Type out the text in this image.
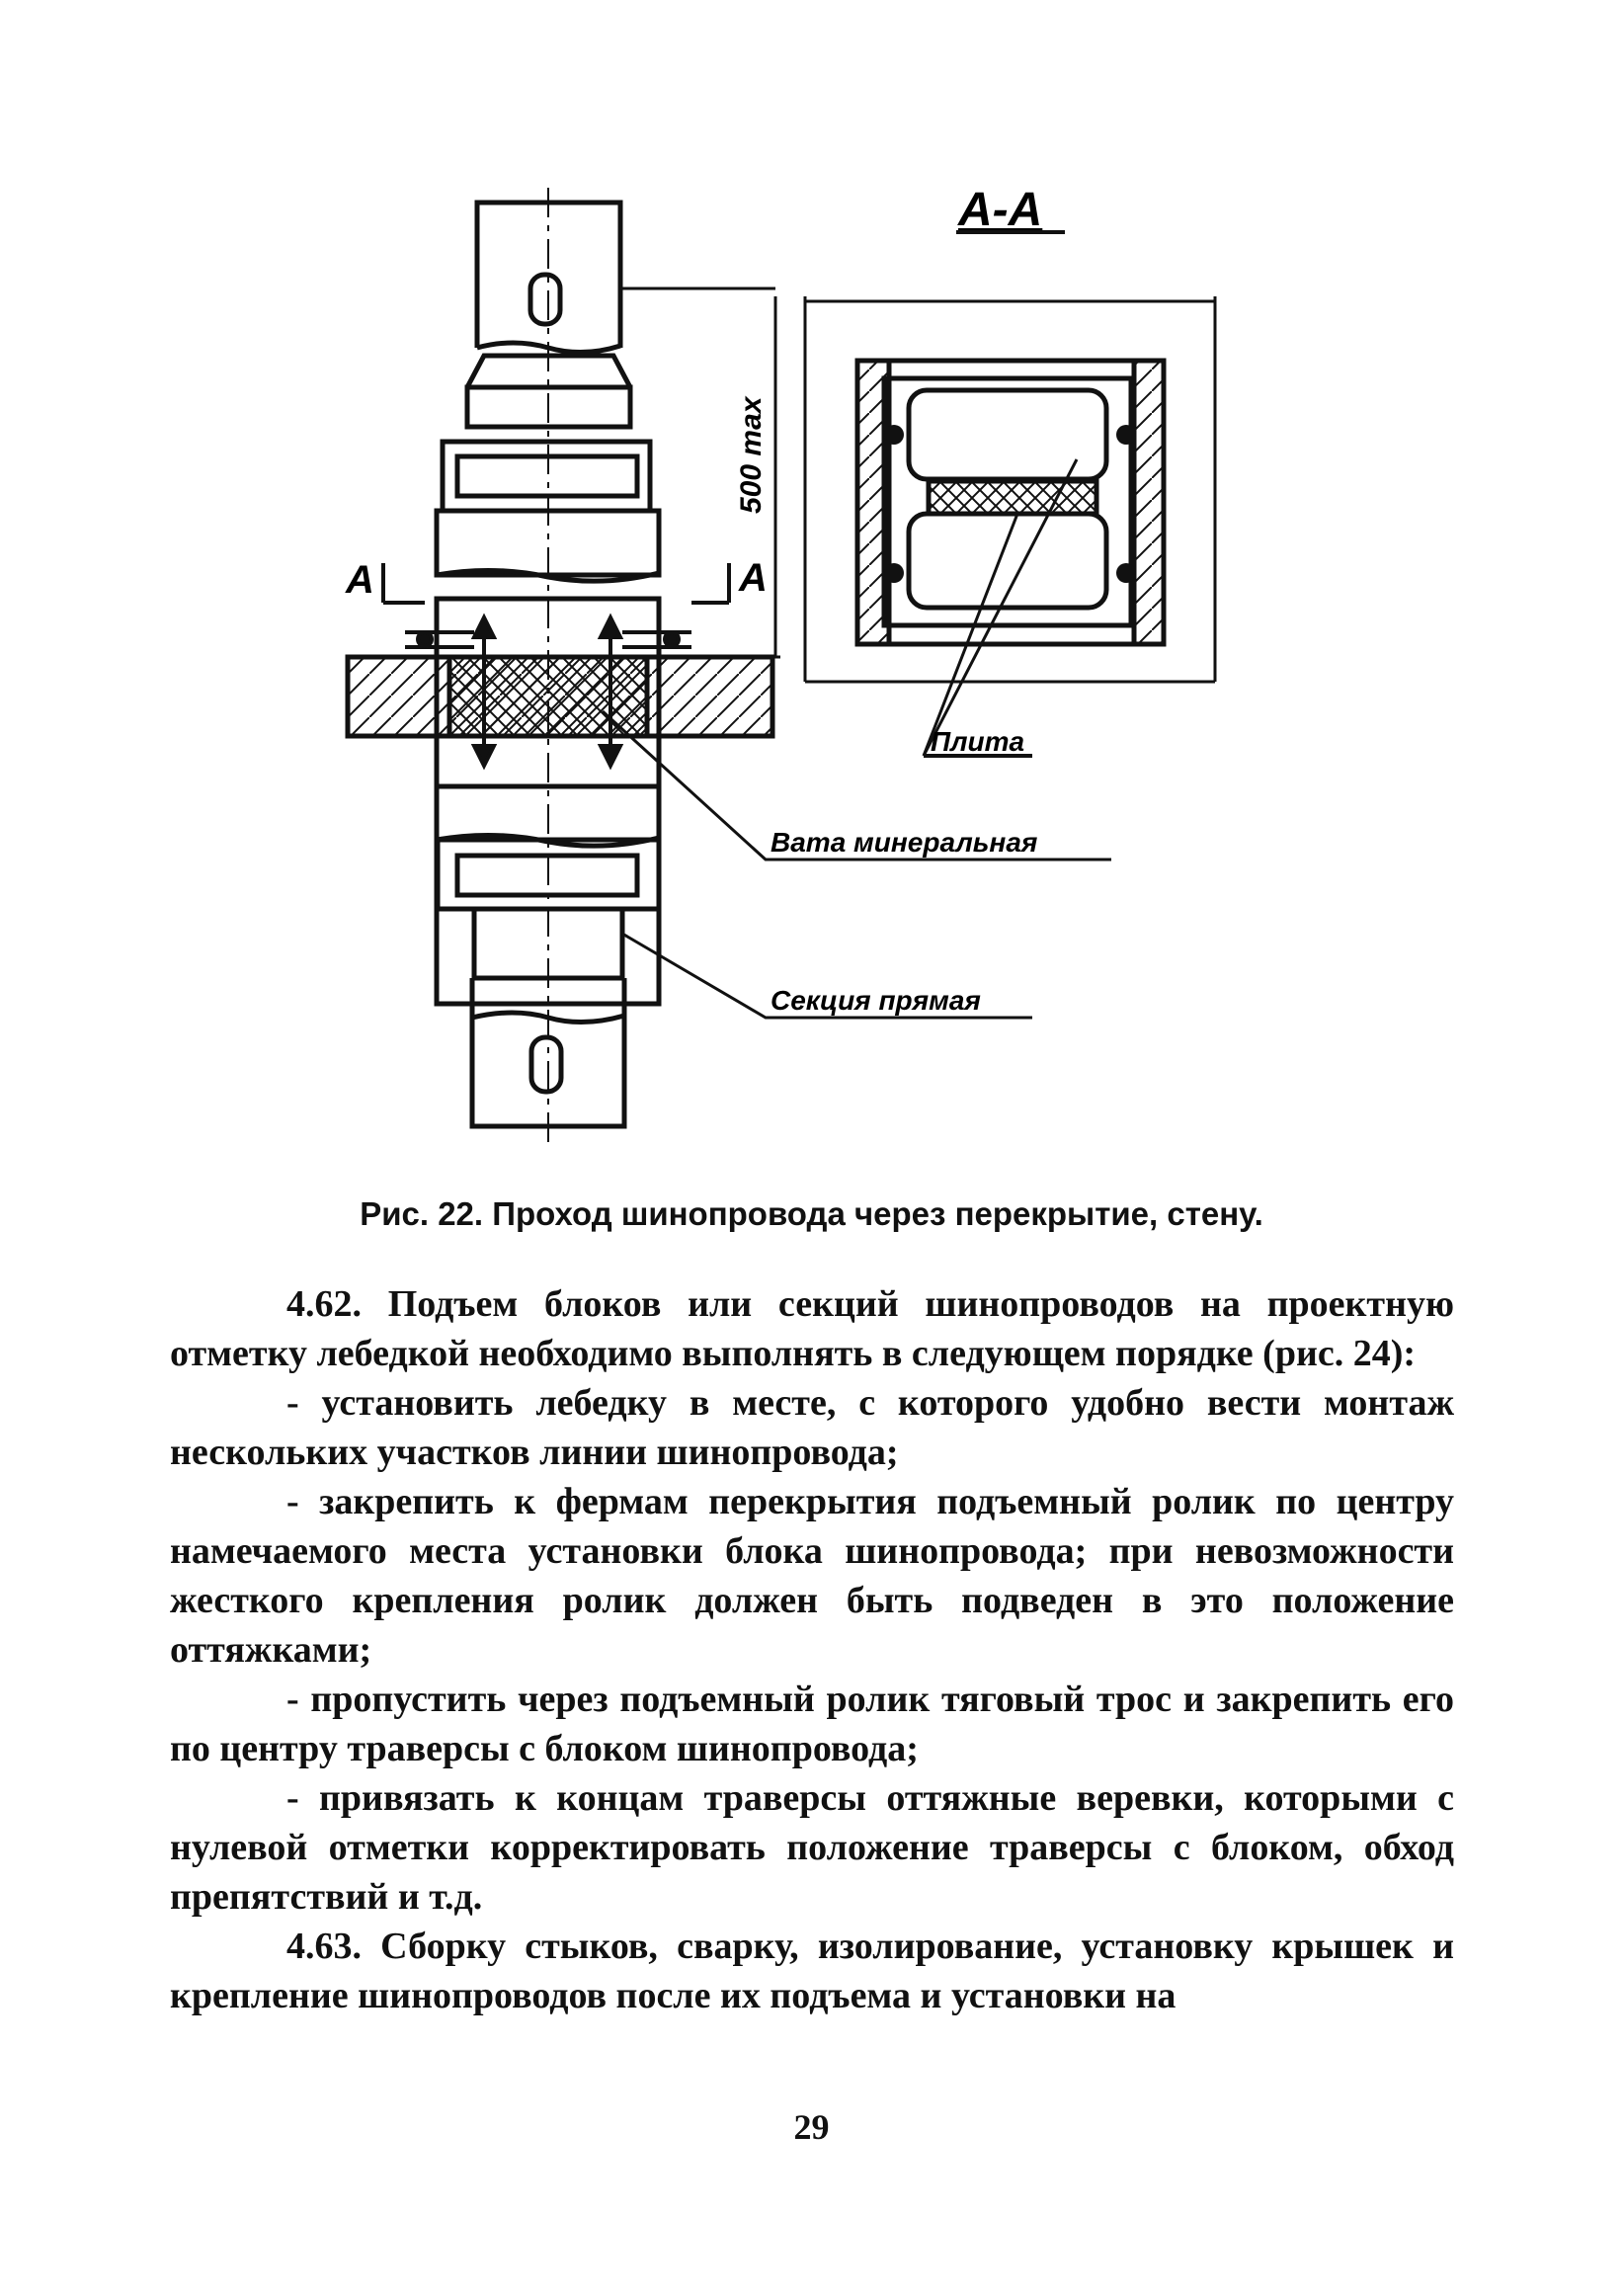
А	А
500 max
А-А
Плита
Вата минеральная
Секция прямая
Рис. 22. Проход шинопровода через перекрытие, стену.

4.62. Подъем блоков или секций шинопроводов на проектную отметку лебедкой необходимо выполнять в следующем порядке (рис. 24):

- установить лебедку в месте, с которого удобно вести монтаж нескольких участков линии шинопровода;

- закрепить к фермам перекрытия подъемный ролик по центру намечаемого места установки блока шинопровода; при невозможности жесткого крепления ролик должен быть подведен в это положение оттяжками;

- пропустить через подъемный ролик тяговый трос и закрепить его по центру траверсы с блоком шинопровода;

- привязать к концам траверсы оттяжные веревки, которыми с нулевой отметки корректировать положение траверсы с блоком, обход препятствий и т.д.

4.63. Сборку стыков, сварку, изолирование, установку крышек и крепление шинопроводов после их подъема и установки на

29
